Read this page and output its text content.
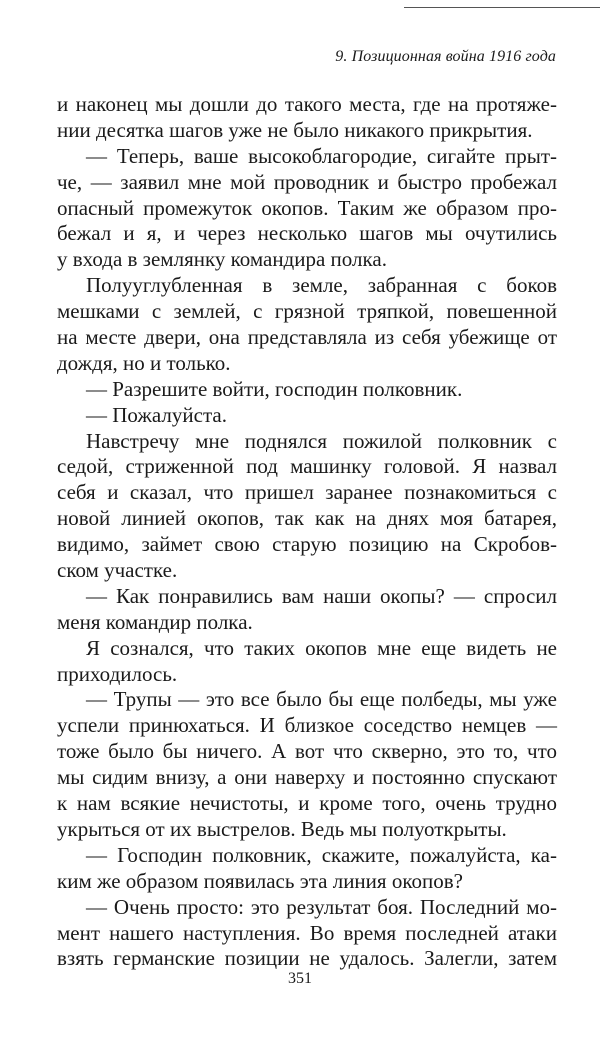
9. Позиционная война 1916 года
и наконец мы дошли до такого места, где на протяже-
нии десятка шагов уже не было никакого прикрытия.
— Теперь, ваше высокоблагородие, сигайте прыт-
че, — заявил мне мой проводник и быстро пробежал
опасный промежуток окопов. Таким же образом про-
бежал и я, и через несколько шагов мы очутились
у входа в землянку командира полка.
Полууглубленная в земле, забранная с боков
мешками с землей, с грязной тряпкой, повешенной
на месте двери, она представляла из себя убежище от
дождя, но и только.
— Разрешите войти, господин полковник.
— Пожалуйста.
Навстречу мне поднялся пожилой полковник с
седой, стриженной под машинку головой. Я назвал
себя и сказал, что пришел заранее познакомиться с
новой линией окопов, так как на днях моя батарея,
видимо, займет свою старую позицию на Скробов-
ском участке.
— Как понравились вам наши окопы? — спросил
меня командир полка.
Я сознался, что таких окопов мне еще видеть не
приходилось.
— Трупы — это все было бы еще полбеды, мы уже
успели принюхаться. И близкое соседство немцев —
тоже было бы ничего. А вот что скверно, это то, что
мы сидим внизу, а они наверху и постоянно спускают
к нам всякие нечистоты, и кроме того, очень трудно
укрыться от их выстрелов. Ведь мы полуоткрыты.
— Господин полковник, скажите, пожалуйста, ка-
ким же образом появилась эта линия окопов?
— Очень просто: это результат боя. Последний мо-
мент нашего наступления. Во время последней атаки
взять германские позиции не удалось. Залегли, затем
351
